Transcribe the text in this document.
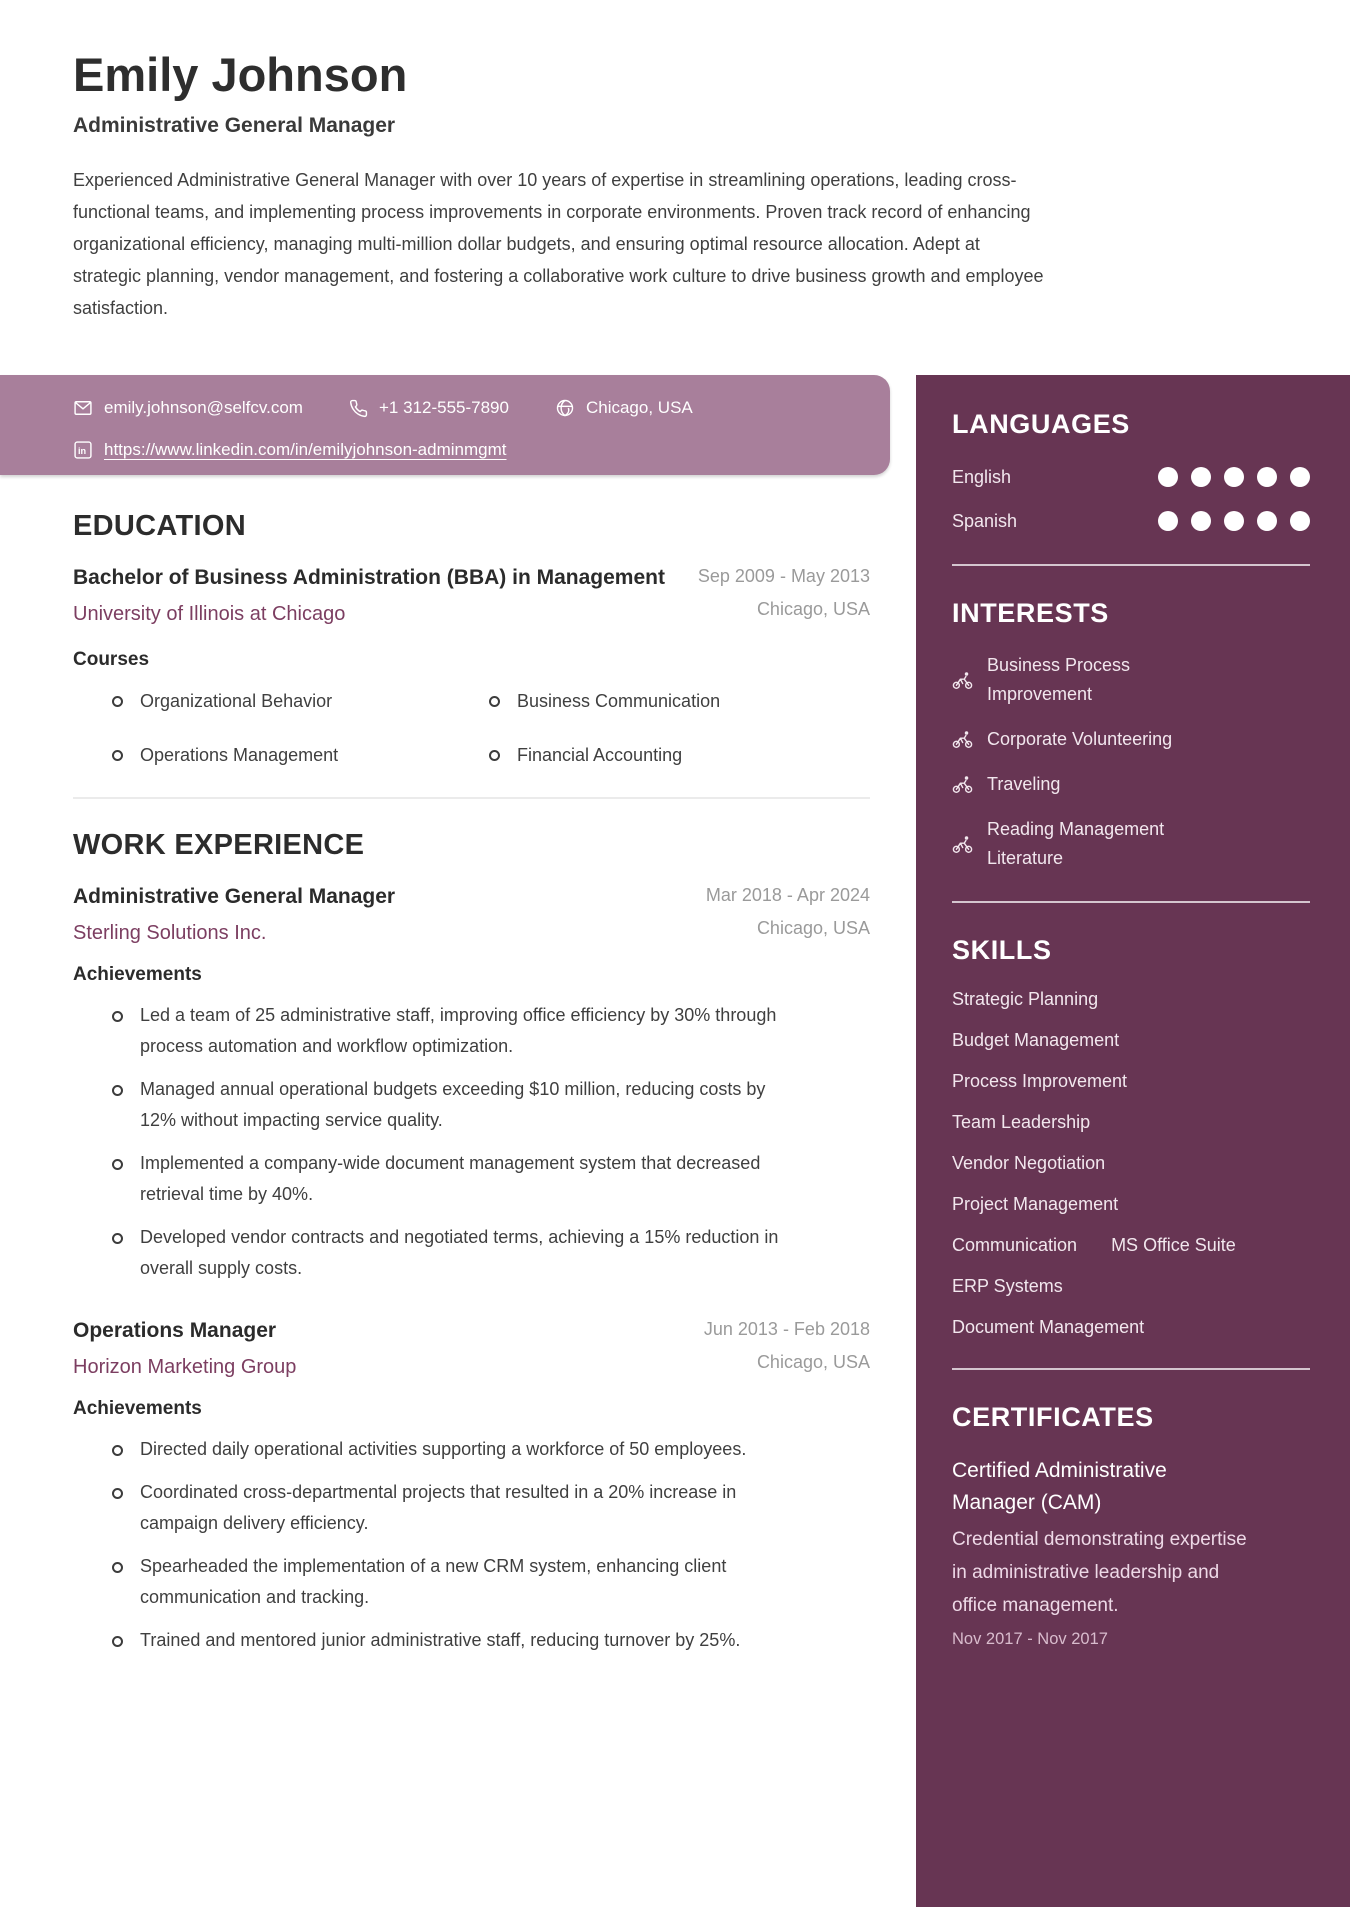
Emily Johnson
Administrative General Manager
Experienced Administrative General Manager with over 10 years of expertise in streamlining operations, leading cross-functional teams, and implementing process improvements in corporate environments. Proven track record of enhancing organizational efficiency, managing multi-million dollar budgets, and ensuring optimal resource allocation. Adept at strategic planning, vendor management, and fostering a collaborative work culture to drive business growth and employee satisfaction.
emily.johnson@selfcv.com	+1 312-555-7890	Chicago, USA
in https://www.linkedin.com/in/emilyjohnson-adminmgmt
EDUCATION
Bachelor of Business Administration (BBA) in Management	Sep 2009 - May 2013
University of Illinois at Chicago	Chicago, USA
Courses
Organizational Behavior	Business Communication
Operations Management	Financial Accounting
WORK EXPERIENCE
Administrative General Manager	Mar 2018 - Apr 2024
Sterling Solutions Inc.	Chicago, USA
Achievements
Led a team of 25 administrative staff, improving office efficiency by 30% through process automation and workflow optimization.
Managed annual operational budgets exceeding $10 million, reducing costs by 12% without impacting service quality.
Implemented a company-wide document management system that decreased retrieval time by 40%.
Developed vendor contracts and negotiated terms, achieving a 15% reduction in overall supply costs.
Operations Manager	Jun 2013 - Feb 2018
Horizon Marketing Group	Chicago, USA
Achievements
Directed daily operational activities supporting a workforce of 50 employees.
Coordinated cross-departmental projects that resulted in a 20% increase in campaign delivery efficiency.
Spearheaded the implementation of a new CRM system, enhancing client communication and tracking.
Trained and mentored junior administrative staff, reducing turnover by 25%.
LANGUAGES
English
Spanish
INTERESTS
Business Process Improvement
Corporate Volunteering
Traveling
Reading Management Literature
SKILLS
Strategic Planning
Budget Management
Process Improvement
Team Leadership
Vendor Negotiation
Project Management
Communication MS Office Suite
ERP Systems
Document Management
CERTIFICATES
Certified Administrative Manager (CAM)
Credential demonstrating expertise in administrative leadership and office management.
Nov 2017 - Nov 2017
